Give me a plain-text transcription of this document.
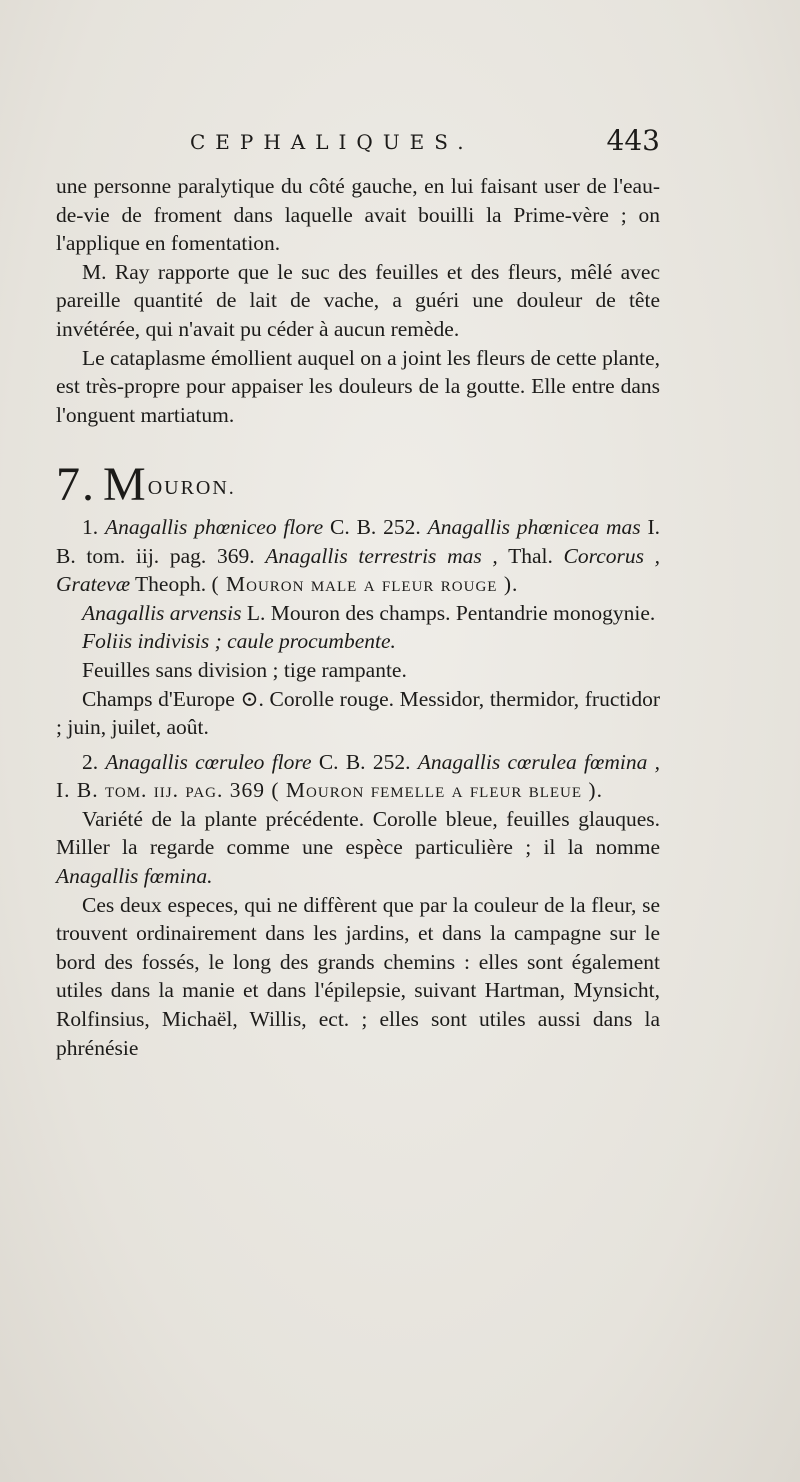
CEPHALIQUES.	443

une personne paralytique du côté gauche, en lui faisant user de l'eau-de-vie de froment dans laquelle avait bouilli la Prime-vère ; on l'applique en fomentation.

M. Ray rapporte que le suc des feuilles et des fleurs, mêlé avec pareille quantité de lait de vache, a guéri une douleur de tête invétérée, qui n'avait pu céder à aucun remède.

Le cataplasme émollient auquel on a joint les fleurs de cette plante, est très-propre pour appaiser les douleurs de la goutte. Elle entre dans l'onguent martiatum.

7. MOURON.

1. Anagallis phœniceo flore C. B. 252. Anagallis phœnicea mas I. B. tom. iij. pag. 369. Anagallis terrestris mas , Thal. Corcorus , Gratevæ Theoph. ( Mouron male a fleur rouge ).

Anagallis arvensis L. Mouron des champs. Pentandrie monogynie.

Foliis indivisis ; caule procumbente.

Feuilles sans division ; tige rampante.

Champs d'Europe ⊙. Corolle rouge. Messidor, thermidor, fructidor ; juin, juilet, août.

2. Anagallis cœruleo flore C. B. 252. Anagallis cœrulea fœmina , I. B. tom. iij. pag. 369 ( Mouron femelle a fleur bleue ).

Variété de la plante précédente. Corolle bleue, feuilles glauques. Miller la regarde comme une espèce particulière ; il la nomme Anagallis fœmina.

Ces deux especes, qui ne diffèrent que par la couleur de la fleur, se trouvent ordinairement dans les jardins, et dans la campagne sur le bord des fossés, le long des grands chemins : elles sont également utiles dans la manie et dans l'épilepsie, suivant Hartman, Mynsicht, Rolfinsius, Michaël, Willis, ect. ; elles sont utiles aussi dans la phrénésie
